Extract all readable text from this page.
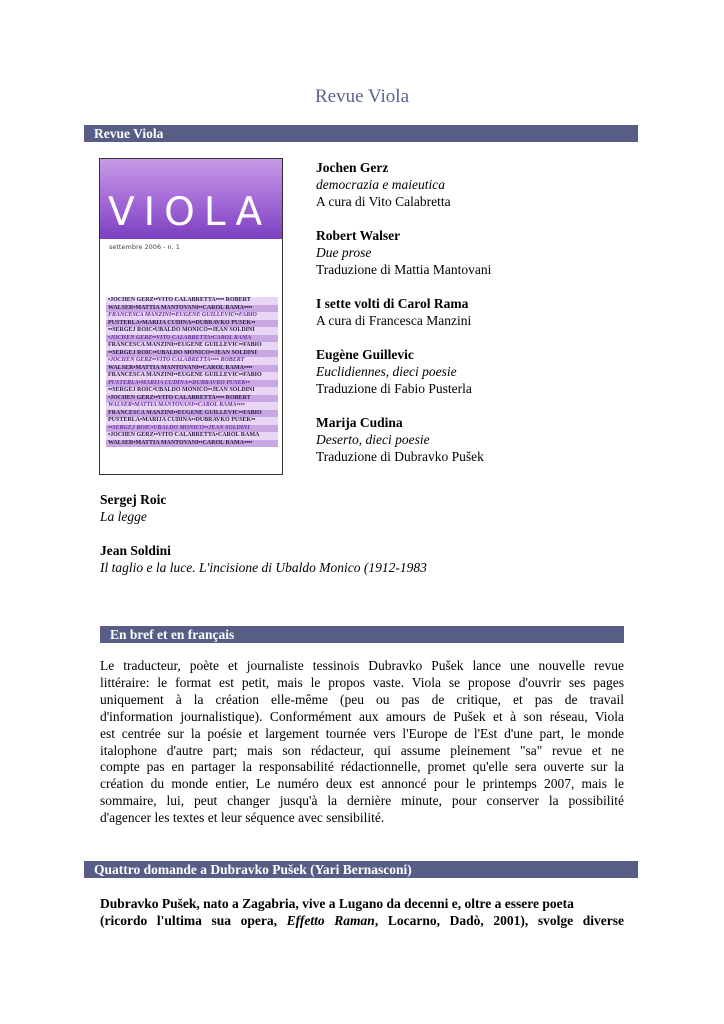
Revue Viola
Revue Viola
VIOLA
settembre 2006 - n. 1
•JOCHEN GERZ••VITO CALABRETTA•••• ROBERT
WALSER•MATTIA MANTOVANI••CAROL RAMA••••
FRANCESCA MANZINI••EUGÈNE GUILLEVIC••FABIO
PUSTERLA•MARIJA CUDINA••DUBRAVKO PUŠEK••
••SERGEJ ROIC•UBALDO MONICO••JEAN SOLDINI
•JOCHEN GERZ••VITO CALABRETTA•CAROL RAMA
FRANCESCA MANZINI••EUGÈNE GUILLEVIC••FABIO
••SERGEJ ROIC••UBALDO MONICO••JEAN SOLDINI
•JOCHEN GERZ••VITO CALABRETTA•••• ROBERT
WALSER•MATTIA MANTOVANI••CAROL RAMA••••
FRANCESCA MANZINI••EUGÈNE GUILLEVIC••FABIO
PUSTERLA•MARIJA CUDINA••DUBRAVKO PUŠEK••
••SERGEJ ROIC•UBALDO MONICO••JEAN SOLDINI
•JOCHEN GERZ••VITO CALABRETTA•••• ROBERT
WALSER•MATTIA MANTOVANI••CAROL RAMA••••
FRANCESCA MANZINI••EUGÈNE GUILLEVIC••FABIO
PUSTERLA•MARIJA CUDINA••DUBRAVKO PUŠEK••
••SERGEJ ROIC•UBALDO MONICO••JEAN SOLDINI
•JOCHEN GERZ••VITO CALABRETTA•CAROL RAMA
WALSER•MATTIA MANTOVANI••CAROL RAMA••••
Jochen Gerz
democrazia e maieutica
A cura di Vito Calabretta
Robert Walser
Due prose
Traduzione di Mattia Mantovani
I sette volti di Carol Rama
A cura di Francesca Manzini
Eugène Guillevic
Euclidiennes, dieci poesie
Traduzione di Fabio Pusterla
Marija Cudina
Deserto, dieci poesie
Traduzione di Dubravko Pušek
Sergej Roic
La legge
Jean Soldini
Il taglio e la luce. L'incisione di Ubaldo Monico (1912-1983
En bref et en français
Le traducteur, poète et journaliste tessinois Dubravko Pušek lance une nouvelle revue
littéraire: le format est petit, mais le propos vaste. Viola se propose d'ouvrir ses pages
uniquement à la création elle-même (peu ou pas de critique, et pas de travail
d'information journalistique). Conformément aux amours de Pušek et à son réseau, Viola
est centrée sur la poésie et largement tournée vers l'Europe de l'Est d'une part, le monde
italophone d'autre part; mais son rédacteur, qui assume pleinement "sa" revue et ne
compte pas en partager la responsabilité rédactionnelle, promet qu'elle sera ouverte sur la
création du monde entier, Le numéro deux est annoncé pour le printemps 2007, mais le
sommaire, lui, peut changer jusqu'à la dernière minute, pour conserver la possibilité
d'agencer les textes et leur séquence avec sensibilité.
Quattro domande a Dubravko Pušek (Yari Bernasconi)
Dubravko Pušek, nato a Zagabria, vive a Lugano da decenni e, oltre a essere poeta
(ricordo l'ultima sua opera, Effetto Raman, Locarno, Dadò, 2001), svolge diverse
